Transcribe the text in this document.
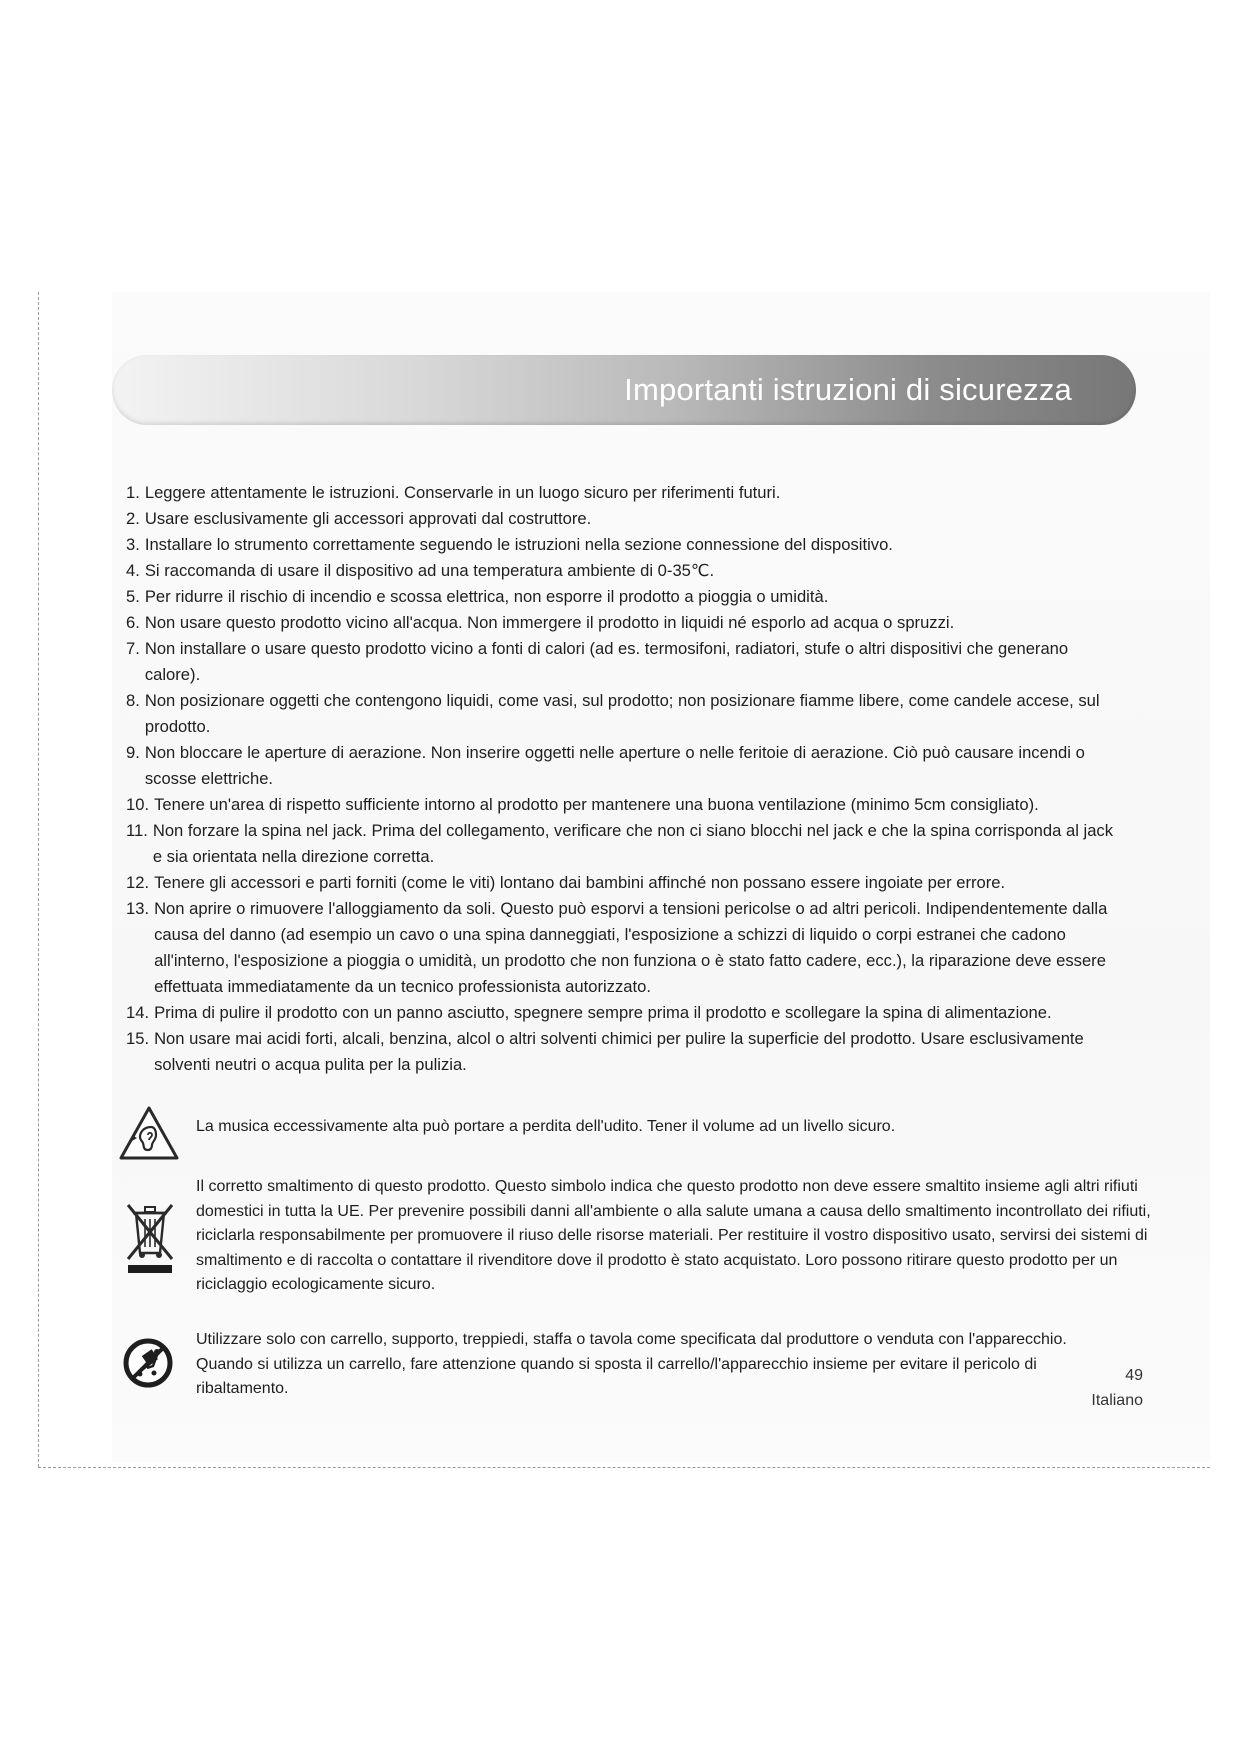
Importanti istruzioni di sicurezza
1. Leggere attentamente le istruzioni. Conservarle in un luogo sicuro per riferimenti futuri.
2. Usare esclusivamente gli accessori approvati dal costruttore.
3. Installare lo strumento correttamente seguendo le istruzioni nella sezione connessione del dispositivo.
4. Si raccomanda di usare il dispositivo ad una temperatura ambiente di 0-35℃.
5. Per ridurre il rischio di incendio e scossa elettrica, non esporre il prodotto a pioggia o umidità.
6. Non usare questo prodotto vicino all'acqua. Non immergere il prodotto in liquidi né esporlo ad acqua o spruzzi.
7. Non installare o usare questo prodotto vicino a fonti di calori (ad es. termosifoni, radiatori, stufe o altri dispositivi che generano calore).
8. Non posizionare oggetti che contengono liquidi, come vasi, sul prodotto; non posizionare fiamme libere, come candele accese, sul prodotto.
9. Non bloccare le aperture di aerazione. Non inserire oggetti nelle aperture o nelle feritoie di aerazione. Ciò può causare incendi o scosse elettriche.
10. Tenere un'area di rispetto sufficiente intorno al prodotto per mantenere una buona ventilazione (minimo 5cm consigliato).
11. Non forzare la spina nel jack. Prima del collegamento, verificare che non ci siano blocchi nel jack e che la spina corrisponda al jack e sia orientata nella direzione corretta.
12. Tenere gli accessori e parti forniti (come le viti) lontano dai bambini affinché non possano essere ingoiate per errore.
13. Non aprire o rimuovere l'alloggiamento da soli. Questo può esporvi a tensioni pericolse o ad altri pericoli. Indipendentemente dalla causa del danno (ad esempio un cavo o una spina danneggiati, l'esposizione a schizzi di liquido o corpi estranei che cadono all'interno, l'esposizione a pioggia o umidità, un prodotto che non funziona o è stato fatto cadere, ecc.), la riparazione deve essere effettuata immediatamente da un tecnico professionista autorizzato.
14. Prima di pulire il prodotto con un panno asciutto, spegnere sempre prima il prodotto e scollegare la spina di alimentazione.
15. Non usare mai acidi forti, alcali, benzina, alcol o altri solventi chimici per pulire la superficie del prodotto. Usare esclusivamente solventi neutri o acqua pulita per la pulizia.
La musica eccessivamente alta può portare a perdita dell'udito. Tener il volume ad un livello sicuro.
Il corretto smaltimento di questo prodotto. Questo simbolo indica che questo prodotto non deve essere smaltito insieme agli altri rifiuti domestici in tutta la UE. Per prevenire possibili danni all'ambiente o alla salute umana a causa dello smaltimento incontrollato dei rifiuti, riciclarla responsabilmente per promuovere il riuso delle risorse materiali. Per restituire il vostro dispositivo usato, servirsi dei sistemi di smaltimento e di raccolta o contattare il rivenditore dove il prodotto è stato acquistato. Loro possono ritirare questo prodotto per un riciclaggio ecologicamente sicuro.
Utilizzare solo con carrello, supporto, treppiedi, staffa o tavola come specificata dal produttore o venduta con l'apparecchio. Quando si utilizza un carrello, fare attenzione quando si sposta il carrello/l'apparecchio insieme per evitare il pericolo di ribaltamento.
49
Italiano
